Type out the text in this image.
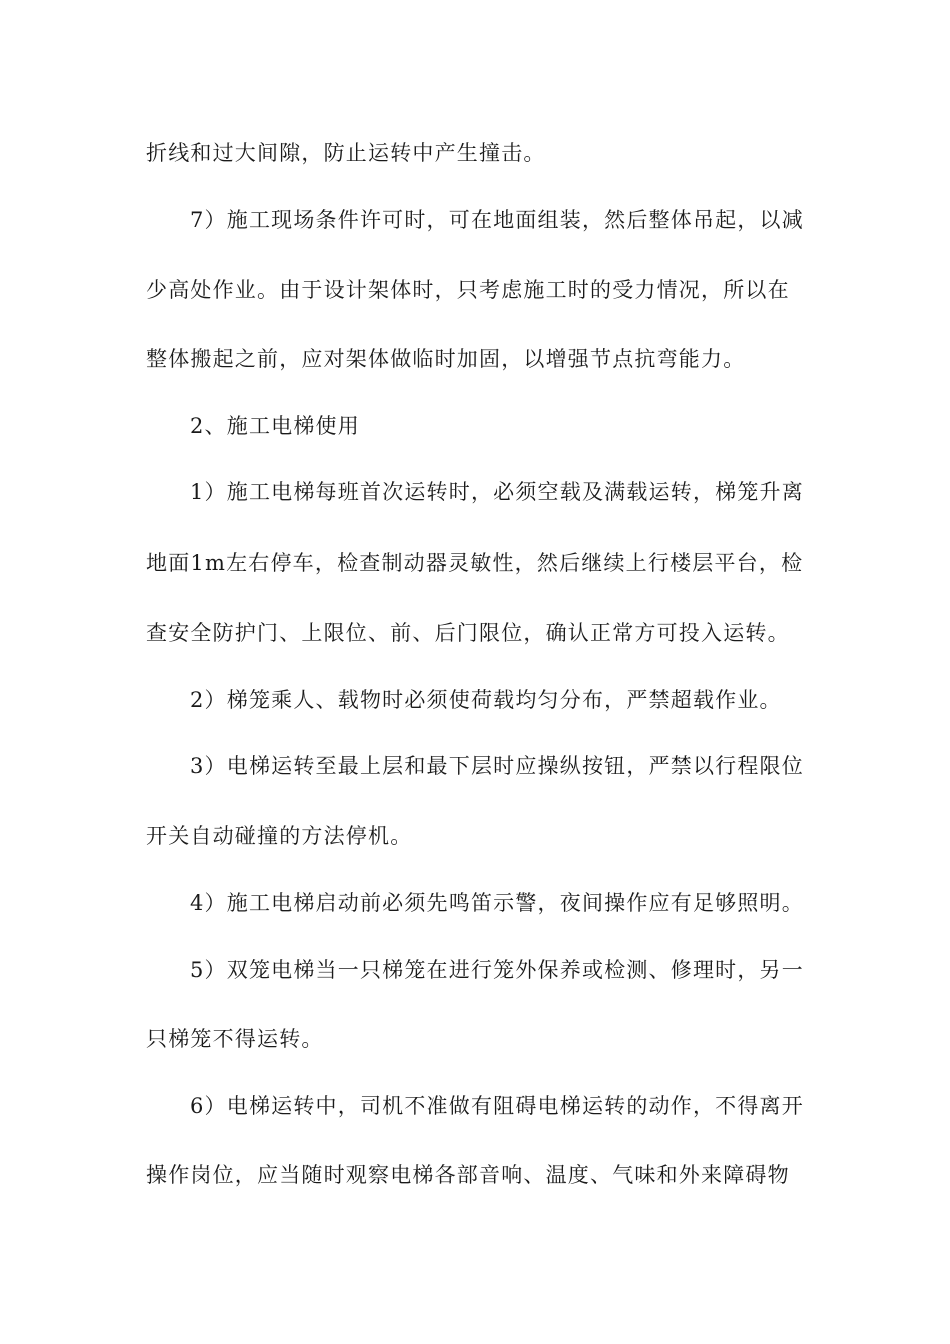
折线和过大间隙，防止运转中产生撞击。
7）施工现场条件许可时，可在地面组装，然后整体吊起，以减
少高处作业。由于设计架体时，只考虑施工时的受力情况，所以在
整体搬起之前，应对架体做临时加固，以增强节点抗弯能力。
2、施工电梯使用
1）施工电梯每班首次运转时，必须空载及满载运转，梯笼升离
地面1m左右停车，检查制动器灵敏性，然后继续上行楼层平台，检
查安全防护门、上限位、前、后门限位，确认正常方可投入运转。
2）梯笼乘人、载物时必须使荷载均匀分布，严禁超载作业。
3）电梯运转至最上层和最下层时应操纵按钮，严禁以行程限位
开关自动碰撞的方法停机。
4）施工电梯启动前必须先鸣笛示警，夜间操作应有足够照明。
5）双笼电梯当一只梯笼在进行笼外保养或检测、修理时，另一
只梯笼不得运转。
6）电梯运转中，司机不准做有阻碍电梯运转的动作，不得离开
操作岗位，应当随时观察电梯各部音响、温度、气味和外来障碍物
